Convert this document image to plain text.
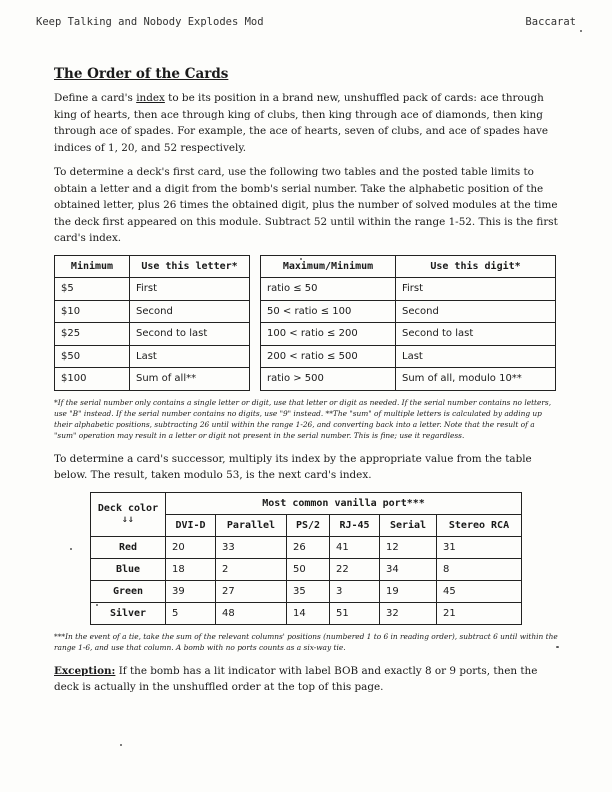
Keep Talking and Nobody Explodes Mod	Baccarat
The Order of the Cards

Define a card's index to be its position in a brand new, unshuffled pack of cards: ace through king of hearts, then ace through king of clubs, then king through ace of diamonds, then king through ace of spades. For example, the ace of hearts, seven of clubs, and ace of spades have indices of 1, 20, and 52 respectively.

To determine a deck's first card, use the following two tables and the posted table limits to obtain a letter and a digit from the bomb's serial number. Take the alphabetic position of the obtained letter, plus 26 times the obtained digit, plus the number of solved modules at the time the deck first appeared on this module. Subtract 52 until within the range 1-52. This is the first card's index.

Minimum	Use this letter*
$5	First
$10	Second
$25	Second to last
$50	Last
$100	Sum of all**
Maximum/Minimum	Use this digit*
ratio ≤ 50	First
50 < ratio ≤ 100	Second
100 < ratio ≤ 200	Second to last
200 < ratio ≤ 500	Last
ratio > 500	Sum of all, modulo 10**

*If the serial number only contains a single letter or digit, use that letter or digit as needed. If the serial number contains no letters, use "B" instead. If the serial number contains no digits, use "9" instead. **The "sum" of multiple letters is calculated by adding up their alphabetic positions, subtracting 26 until within the range 1-26, and converting back into a letter. Note that the result of a "sum" operation may result in a letter or digit not present in the serial number. This is fine; use it regardless.

To determine a card's successor, multiply its index by the appropriate value from the table below. The result, taken modulo 53, is the next card's index.

Deck color
⇓⇓	Most common vanilla port***					
	DVI-D	Parallel	PS/2	RJ-45	Serial	Stereo RCA
Red	20	33	26	41	12	31
Blue	18	2	50	22	34	8
Green	39	27	35	3	19	45
Silver	5	48	14	51	32	21

***In the event of a tie, take the sum of the relevant columns' positions (numbered 1 to 6 in reading order), subtract 6 until within the range 1-6, and use that column. A bomb with no ports counts as a six-way tie.

Exception: If the bomb has a lit indicator with label BOB and exactly 8 or 9 ports, then the deck is actually in the unshuffled order at the top of this page.
